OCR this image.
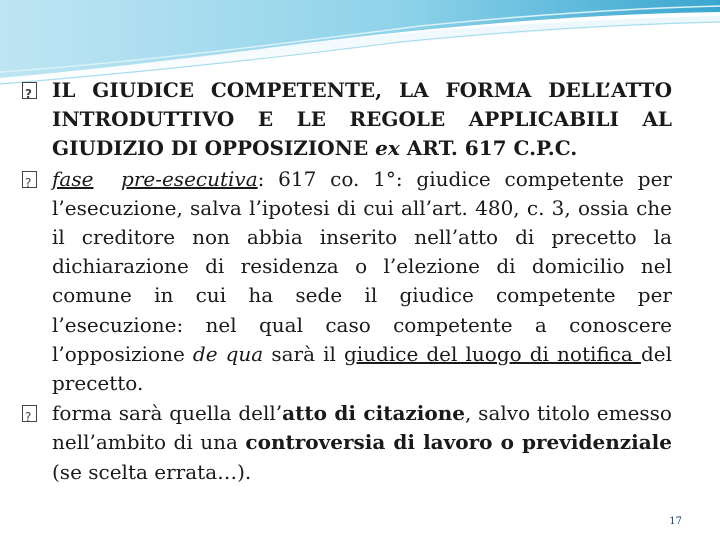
?
IL GIUDICE COMPETENTE, LA FORMA DELL’ATTO INTRODUTTIVO E LE REGOLE APPLICABILI AL GIUDIZIO DI OPPOSIZIONE ex ART. 617 C.P.C.

?
fase pre-esecutiva: 617 co. 1°: giudice competente per l’esecuzione, salva l’ipotesi di cui all’art. 480, c. 3, ossia che il creditore non abbia inserito nell’atto di precetto la dichiarazione di residenza o l’elezione di domicilio nel comune in cui ha sede il giudice competente per l’esecuzione: nel qual caso competente a conoscere l’opposizione de qua sarà il giudice del luogo di notifica del precetto.

?
forma sarà quella dell’atto di citazione, salvo titolo emesso nell’ambito di una controversia di lavoro o previdenziale (se scelta errata…).

17
